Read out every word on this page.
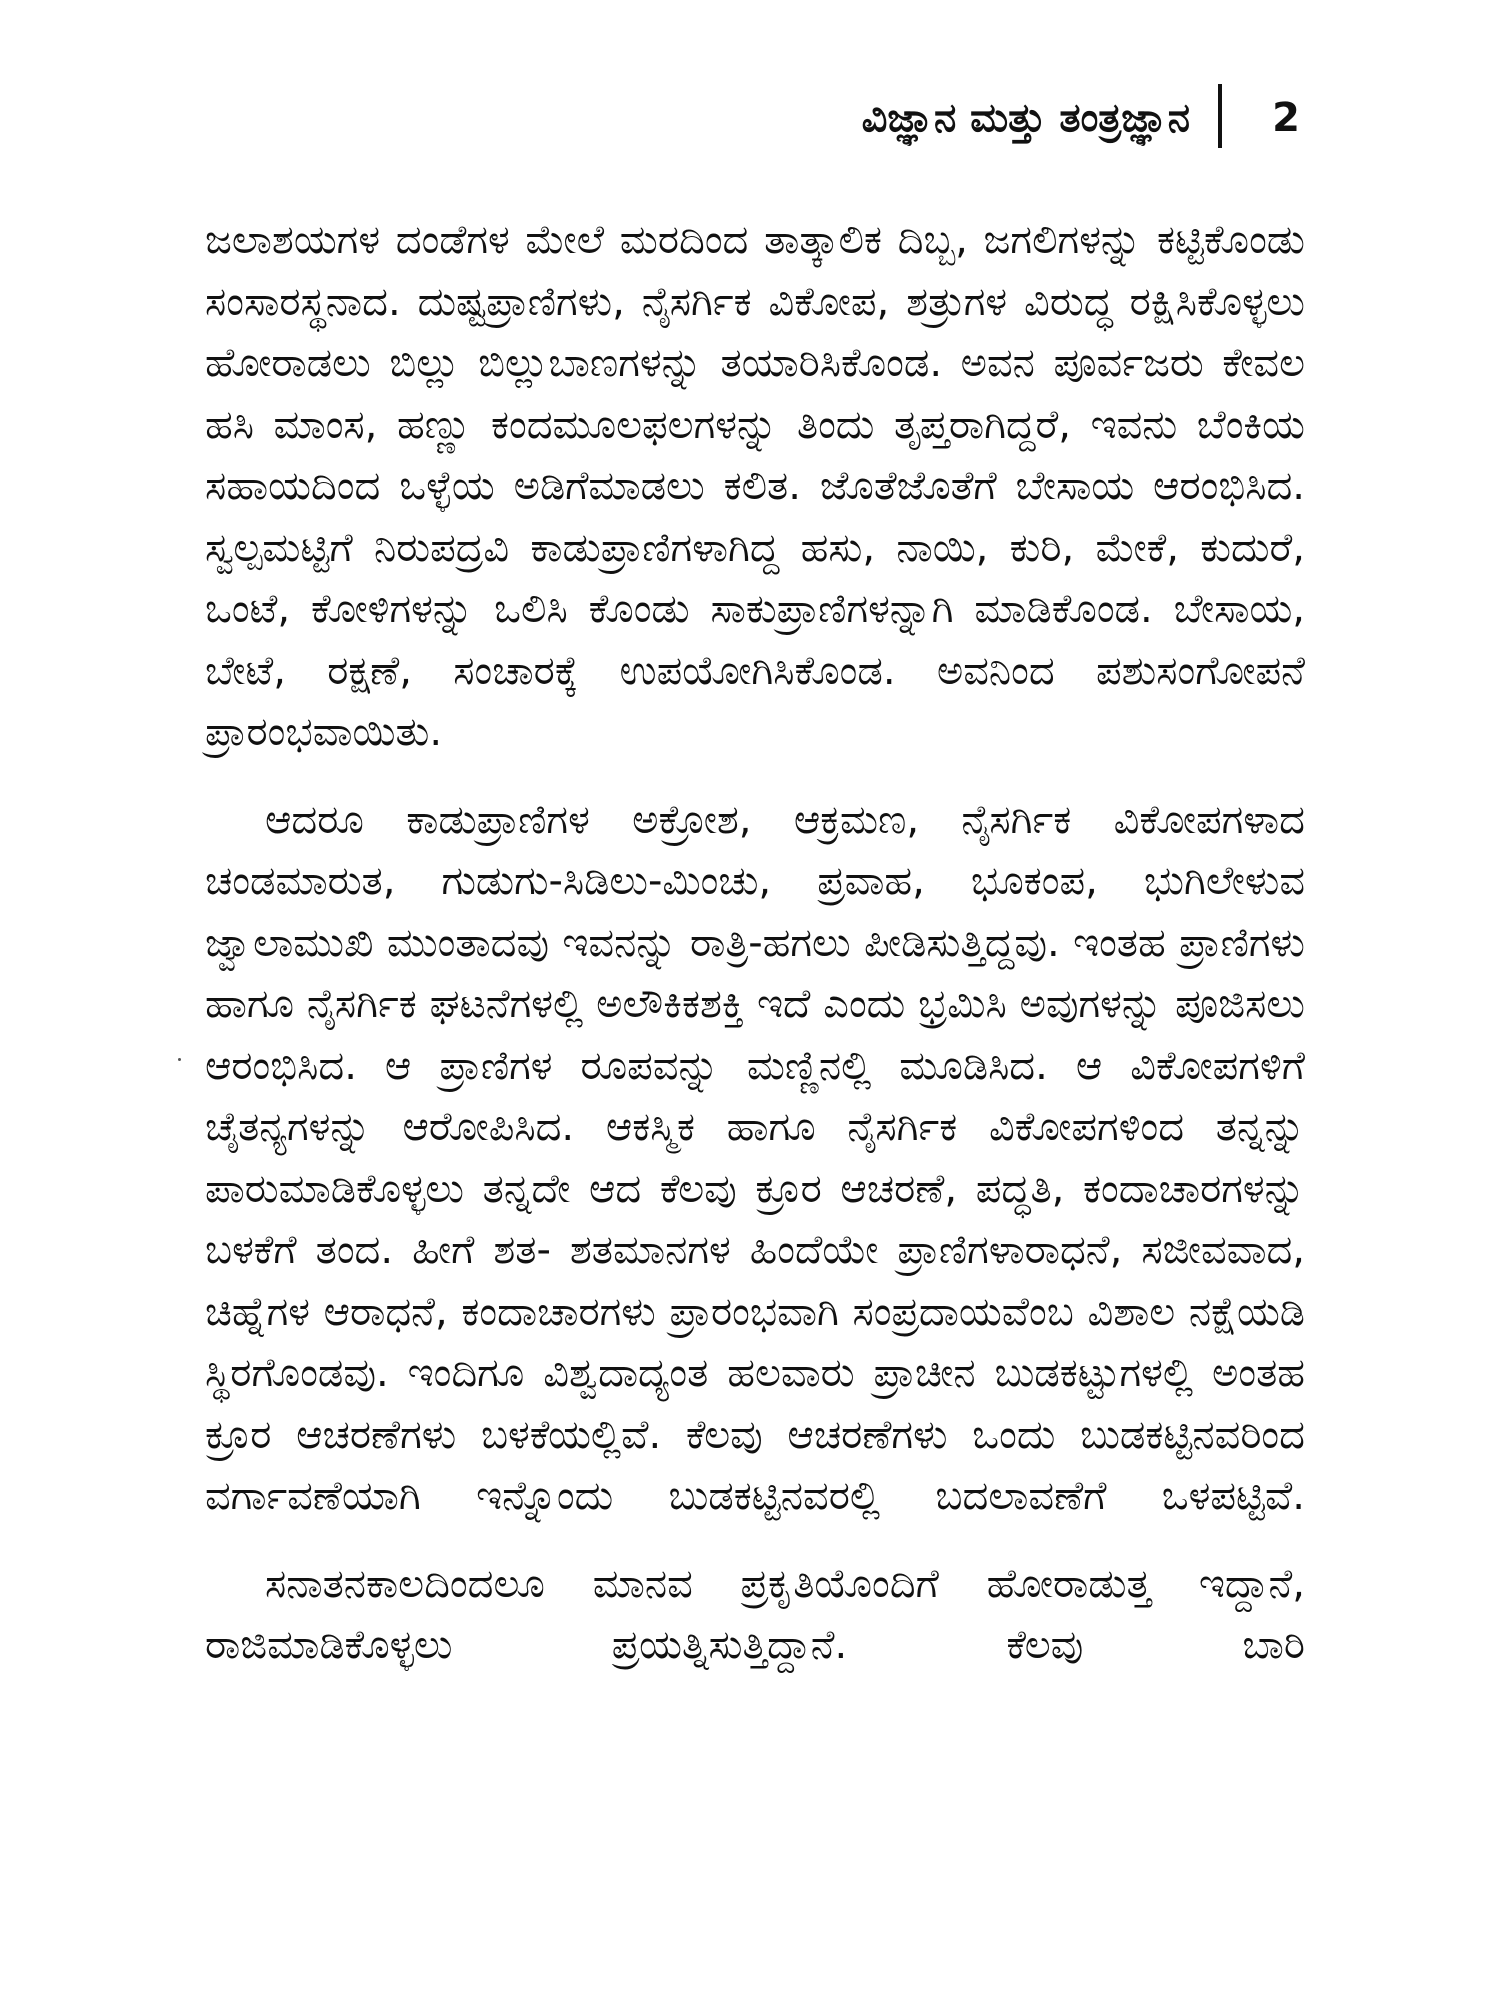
ವಿಜ್ಞಾನ ಮತ್ತು ತಂತ್ರಜ್ಞಾನ 2

ಜಲಾಶಯಗಳ ದಂಡೆಗಳ ಮೇಲೆ ಮರದಿಂದ ತಾತ್ಕಾಲಿಕ ದಿಬ್ಬ, ಜಗಲಿಗಳನ್ನು ಕಟ್ಟಿಕೊಂಡು ಸಂಸಾರಸ್ಥನಾದ. ದುಷ್ಟಪ್ರಾಣಿಗಳು, ನೈಸರ್ಗಿಕ ವಿಕೋಪ, ಶತ್ರುಗಳ ವಿರುದ್ಧ ರಕ್ಷಿಸಿಕೊಳ್ಳಲು ಹೋರಾಡಲು ಬಿಲ್ಲು ಬಿಲ್ಲುಬಾಣಗಳನ್ನು ತಯಾರಿಸಿಕೊಂಡ. ಅವನ ಪೂರ್ವಜರು ಕೇವಲ ಹಸಿ ಮಾಂಸ, ಹಣ್ಣು ಕಂದಮೂಲಫಲಗಳನ್ನು ತಿಂದು ತೃಪ್ತರಾಗಿದ್ದರೆ, ಇವನು ಬೆಂಕಿಯ ಸಹಾಯದಿಂದ ಒಳ್ಳೆಯ ಅಡಿಗೆಮಾಡಲು ಕಲಿತ. ಜೊತೆಜೊತೆಗೆ ಬೇಸಾಯ ಆರಂಭಿಸಿದ. ಸ್ವಲ್ಪಮಟ್ಟಿಗೆ ನಿರುಪದ್ರವಿ ಕಾಡುಪ್ರಾಣಿಗಳಾಗಿದ್ದ ಹಸು, ನಾಯಿ, ಕುರಿ, ಮೇಕೆ, ಕುದುರೆ, ಒಂಟೆ, ಕೋಳಿಗಳನ್ನು ಒಲಿಸಿ ಕೊಂಡು ಸಾಕುಪ್ರಾಣಿಗಳನ್ನಾಗಿ ಮಾಡಿಕೊಂಡ. ಬೇಸಾಯ, ಬೇಟೆ, ರಕ್ಷಣೆ, ಸಂಚಾರಕ್ಕೆ ಉಪಯೋಗಿಸಿಕೊಂಡ. ಅವನಿಂದ ಪಶುಸಂಗೋಪನೆ ಪ್ರಾರಂಭವಾಯಿತು.

ಆದರೂ ಕಾಡುಪ್ರಾಣಿಗಳ ಅಕ್ರೋಶ, ಆಕ್ರಮಣ, ನೈಸರ್ಗಿಕ ವಿಕೋಪಗಳಾದ ಚಂಡಮಾರುತ, ಗುಡುಗು-ಸಿಡಿಲು-ಮಿಂಚು, ಪ್ರವಾಹ, ಭೂಕಂಪ, ಭುಗಿಲೇಳುವ ಜ್ವಾಲಾಮುಖಿ ಮುಂತಾದವು ಇವನನ್ನು ರಾತ್ರಿ-ಹಗಲು ಪೀಡಿಸುತ್ತಿದ್ದವು. ಇಂತಹ ಪ್ರಾಣಿಗಳು ಹಾಗೂ ನೈಸರ್ಗಿಕ ಘಟನೆಗಳಲ್ಲಿ ಅಲೌಕಿಕಶಕ್ತಿ ಇದೆ ಎಂದು ಭ್ರಮಿಸಿ ಅವುಗಳನ್ನು ಪೂಜಿಸಲು ಆರಂಭಿಸಿದ. ಆ ಪ್ರಾಣಿಗಳ ರೂಪವನ್ನು ಮಣ್ಣಿನಲ್ಲಿ ಮೂಡಿಸಿದ. ಆ ವಿಕೋಪಗಳಿಗೆ ಚೈತನ್ಯಗಳನ್ನು ಆರೋಪಿಸಿದ. ಆಕಸ್ಮಿಕ ಹಾಗೂ ನೈಸರ್ಗಿಕ ವಿಕೋಪಗಳಿಂದ ತನ್ನನ್ನು ಪಾರುಮಾಡಿಕೊಳ್ಳಲು ತನ್ನದೇ ಆದ ಕೆಲವು ಕ್ರೂರ ಆಚರಣೆ, ಪದ್ಧತಿ, ಕಂದಾಚಾರಗಳನ್ನು ಬಳಕೆಗೆ ತಂದ. ಹೀಗೆ ಶತ- ಶತಮಾನಗಳ ಹಿಂದೆಯೇ ಪ್ರಾಣಿಗಳಾರಾಧನೆ, ಸಜೀವವಾದ, ಚಿಹ್ನೆಗಳ ಆರಾಧನೆ, ಕಂದಾಚಾರಗಳು ಪ್ರಾರಂಭವಾಗಿ ಸಂಪ್ರದಾಯವೆಂಬ ವಿಶಾಲ ನಕ್ಷೆಯಡಿ ಸ್ಥಿರಗೊಂಡವು. ಇಂದಿಗೂ ವಿಶ್ವದಾದ್ಯಂತ ಹಲವಾರು ಪ್ರಾಚೀನ ಬುಡಕಟ್ಟುಗಳಲ್ಲಿ ಅಂತಹ ಕ್ರೂರ ಆಚರಣೆಗಳು ಬಳಕೆಯಲ್ಲಿವೆ. ಕೆಲವು ಆಚರಣೆಗಳು ಒಂದು ಬುಡಕಟ್ಟಿನವರಿಂದ ವರ್ಗಾವಣೆಯಾಗಿ ಇನ್ನೊಂದು ಬುಡಕಟ್ಟಿನವರಲ್ಲಿ ಬದಲಾವಣೆಗೆ ಒಳಪಟ್ಟಿವೆ.

ಸನಾತನಕಾಲದಿಂದಲೂ ಮಾನವ ಪ್ರಕೃತಿಯೊಂದಿಗೆ ಹೋರಾಡುತ್ತ ಇದ್ದಾನೆ, ರಾಜಿಮಾಡಿಕೊಳ್ಳಲು ಪ್ರಯತ್ನಿಸುತ್ತಿದ್ದಾನೆ. ಕೆಲವು ಬಾರಿ
